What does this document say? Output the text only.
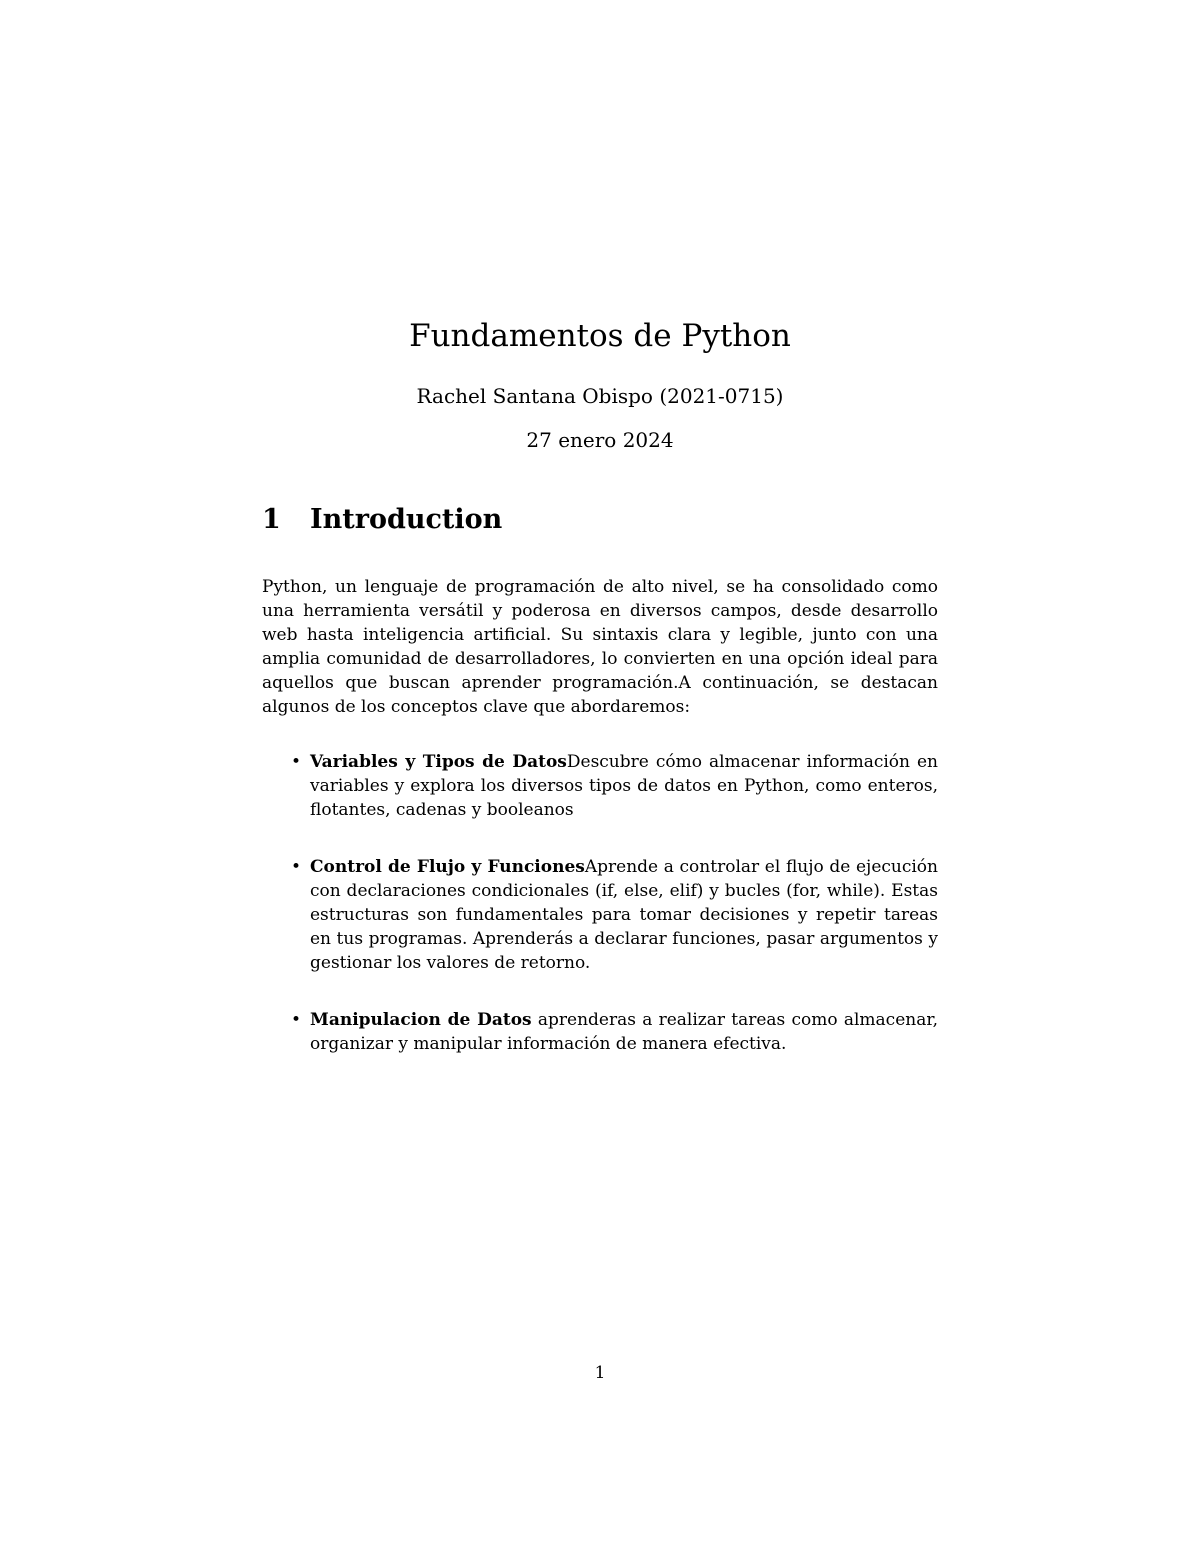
Fundamentos de Python
Rachel Santana Obispo (2021-0715)
27 enero 2024
1 Introduction

Python, un lenguaje de programación de alto nivel, se ha consolidado como una herramienta versátil y poderosa en diversos campos, desde desarrollo web hasta inteligencia artificial. Su sintaxis clara y legible, junto con una amplia comunidad de desarrolladores, lo convierten en una opción ideal para aquellos que buscan aprender programación.A continuación, se destacan algunos de los conceptos clave que abordaremos:

• Variables y Tipos de DatosDescubre cómo almacenar información en variables y explora los diversos tipos de datos en Python, como enteros, flotantes, cadenas y booleanos
• Control de Flujo y FuncionesAprende a controlar el flujo de ejecución con declaraciones condicionales (if, else, elif) y bucles (for, while). Estas estructuras son fundamentales para tomar decisiones y repetir tareas en tus programas. Aprenderás a declarar funciones, pasar argumentos y gestionar los valores de retorno.
• Manipulacion de Datos aprenderas a realizar tareas como almacenar, organizar y manipular información de manera efectiva.
1
